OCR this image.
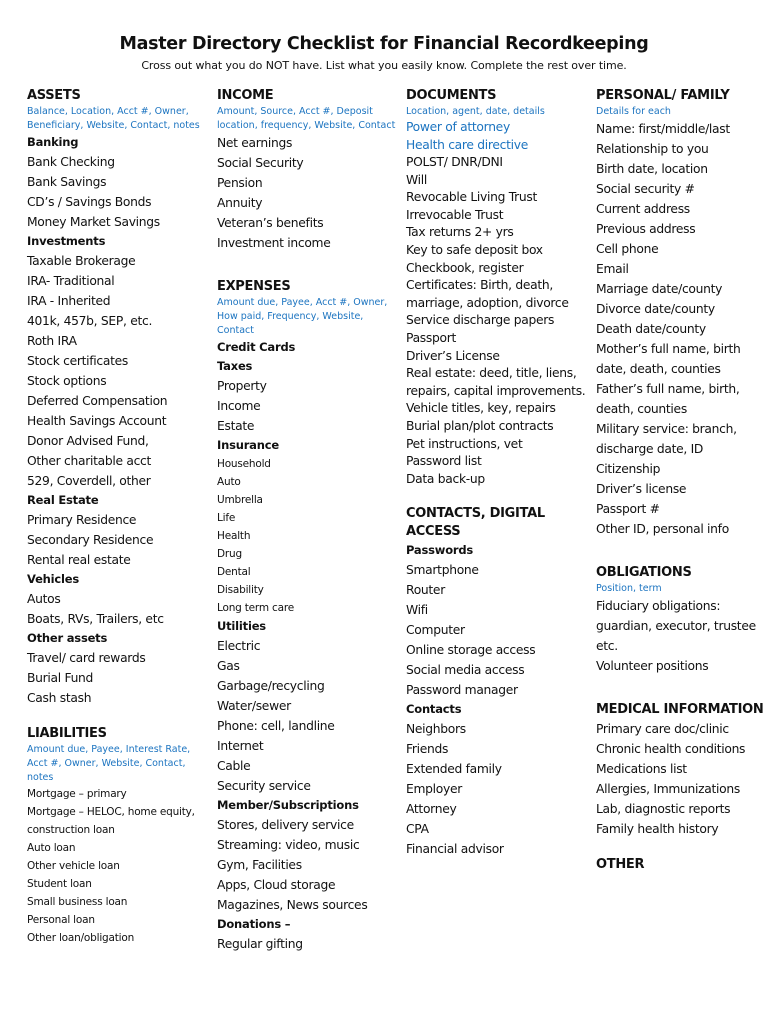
Master Directory Checklist for Financial Recordkeeping
Cross out what you do NOT have. List what you easily know. Complete the rest over time.
ASSETS
Balance, Location, Acct #, Owner, Beneficiary, Website, Contact, notes
Banking
Bank Checking
Bank Savings
CD’s / Savings Bonds
Money Market Savings
Investments
Taxable Brokerage
IRA- Traditional
IRA - Inherited
401k, 457b, SEP, etc.
Roth IRA
Stock certificates
Stock options
Deferred Compensation
Health Savings Account
Donor Advised Fund,
Other charitable acct
529, Coverdell, other
Real Estate
Primary Residence
Secondary Residence
Rental real estate
Vehicles
Autos
Boats, RVs, Trailers, etc
Other assets
Travel/ card rewards
Burial Fund
Cash stash
LIABILITIES
Amount due, Payee, Interest Rate, Acct #, Owner, Website, Contact, notes
Mortgage – primary
Mortgage – HELOC, home equity, construction loan
Auto loan
Other vehicle loan
Student loan
Small business loan
Personal loan
Other loan/obligation
INCOME
Amount, Source, Acct #, Deposit location, frequency, Website, Contact
Net earnings
Social Security
Pension
Annuity
Veteran’s benefits
Investment income
EXPENSES
Amount due, Payee, Acct #, Owner, How paid, Frequency, Website, Contact
Credit Cards
Taxes
Property
Income
Estate
Insurance
Household
Auto
Umbrella
Life
Health
Drug
Dental
Disability
Long term care
Utilities
Electric
Gas
Garbage/recycling
Water/sewer
Phone: cell, landline
Internet
Cable
Security service
Member/Subscriptions
Stores, delivery service
Streaming: video, music
Gym, Facilities
Apps, Cloud storage
Magazines, News sources
Donations –
Regular gifting
DOCUMENTS
Location, agent, date, details
Power of attorney
Health care directive
POLST/ DNR/DNI
Will
Revocable Living Trust
Irrevocable Trust
Tax returns 2+ yrs
Key to safe deposit box
Checkbook, register
Certificates: Birth, death, marriage, adoption, divorce
Service discharge papers
Passport
Driver’s License
Real estate: deed, title, liens, repairs, capital improvements.
Vehicle titles, key, repairs
Burial plan/plot contracts
Pet instructions, vet
Password list
Data back-up
CONTACTS, DIGITAL ACCESS
Passwords
Smartphone
Router
Wifi
Computer
Online storage access
Social media access
Password manager
Contacts
Neighbors
Friends
Extended family
Employer
Attorney
CPA
Financial advisor
PERSONAL/ FAMILY
Details for each
Name: first/middle/last
Relationship to you
Birth date, location
Social security #
Current address
Previous address
Cell phone
Email
Marriage date/county
Divorce date/county
Death date/county
Mother’s full name, birth date, death, counties
Father’s full name, birth, death, counties
Military service: branch, discharge date, ID
Citizenship
Driver’s license
Passport #
Other ID, personal info
OBLIGATIONS
Position, term
Fiduciary obligations: guardian, executor, trustee etc.
Volunteer positions
MEDICAL INFORMATION
Primary care doc/clinic
Chronic health conditions
Medications list
Allergies, Immunizations
Lab, diagnostic reports
Family health history
OTHER
